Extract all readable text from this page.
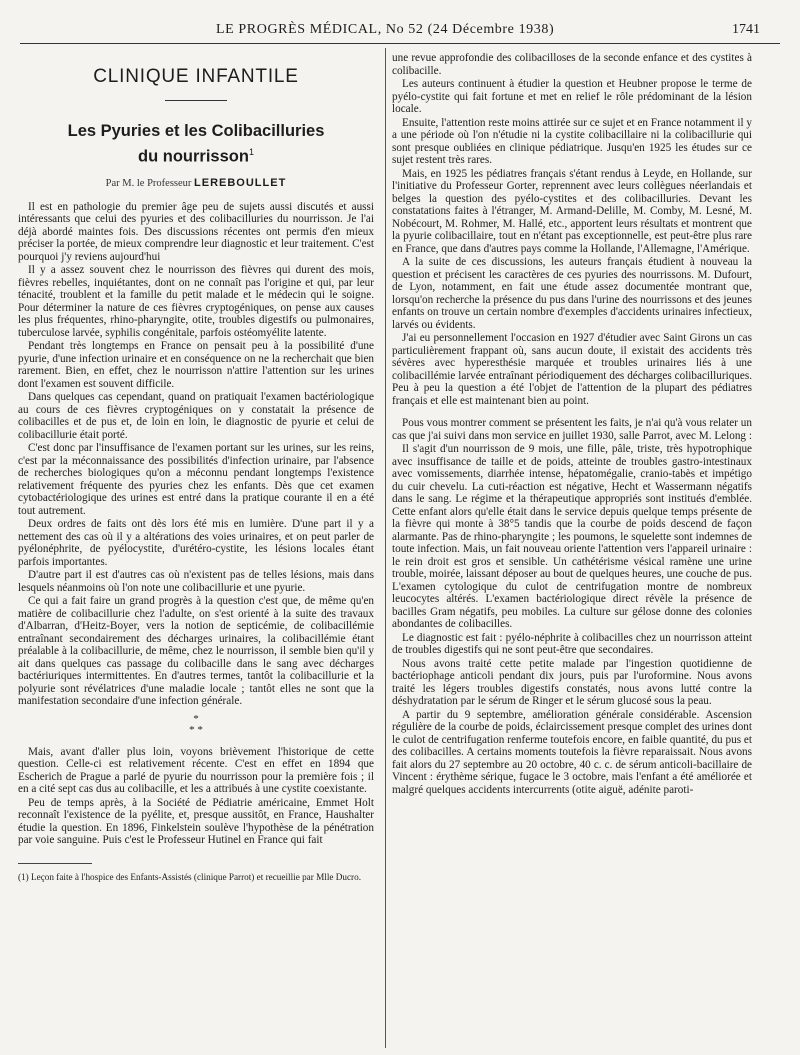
LE PROGRÈS MÉDICAL, No 52 (24 Décembre 1938)	1741
CLINIQUE INFANTILE
Les Pyuries et les Colibacilluries
du nourrisson$^1$
Par M. le Professeur LEREBOULLET

Il est en pathologie du premier âge peu de sujets aussi discutés et aussi intéressants que celui des pyuries et des colibacilluries du nourrisson. Je l'ai déjà abordé maintes fois. Des discussions récentes ont permis d'en mieux préciser la portée, de mieux comprendre leur diagnostic et leur traitement. C'est pourquoi j'y reviens aujourd'hui

Il y a assez souvent chez le nourrisson des fièvres qui durent des mois, fièvres rebelles, inquiétantes, dont on ne connaît pas l'origine et qui, par leur ténacité, troublent et la famille du petit malade et le médecin qui le soigne. Pour déterminer la nature de ces fièvres cryptogéniques, on pense aux causes les plus fréquentes, rhino-pharyngite, otite, troubles digestifs ou pulmonaires, tuberculose larvée, syphilis congénitale, parfois ostéomyélite latente.

Pendant très longtemps en France on pensait peu à la possibilité d'une pyurie, d'une infection urinaire et en conséquence on ne la recherchait que bien rarement. Bien, en effet, chez le nourrisson n'attire l'attention sur les urines dont l'examen est souvent difficile.

Dans quelques cas cependant, quand on pratiquait l'examen bactériologique au cours de ces fièvres cryptogéniques on y constatait la présence de colibacilles et de pus et, de loin en loin, le diagnostic de pyurie et celui de colibacillurie était porté.

C'est donc par l'insuffisance de l'examen portant sur les urines, sur les reins, c'est par la méconnaissance des possibilités d'infection urinaire, par l'absence de recherches biologiques qu'on a méconnu pendant longtemps l'existence relativement fréquente des pyuries chez les enfants. Dès que cet examen cytobactériologique des urines est entré dans la pratique courante il en a été tout autrement.

Deux ordres de faits ont dès lors été mis en lumière. D'une part il y a nettement des cas où il y a altérations des voies urinaires, et on peut parler de pyélonéphrite, de pyélocystite, d'urétéro-cystite, les lésions locales étant parfois importantes.

D'autre part il est d'autres cas où n'existent pas de telles lésions, mais dans lesquels néanmoins où l'on note une colibacillurie et une pyurie.

Ce qui a fait faire un grand progrès à la question c'est que, de même qu'en matière de colibacillurie chez l'adulte, on s'est orienté à la suite des travaux d'Albarran, d'Heitz-Boyer, vers la notion de septicémie, de colibacillémie entraînant secondairement des décharges urinaires, la colibacillémie étant préalable à la colibacillurie, de même, chez le nourrisson, il semble bien qu'il y ait dans quelques cas passage du colibacille dans le sang avec décharges bactériuriques intermittentes. En d'autres termes, tantôt la colibacillurie et la polyurie sont révélatrices d'une maladie locale ; tantôt elles ne sont que la manifestation secondaire d'une infection générale.

*
* *

Mais, avant d'aller plus loin, voyons brièvement l'historique de cette question. Celle-ci est relativement récente. C'est en effet en 1894 que Escherich de Prague a parlé de pyurie du nourrisson pour la première fois ; il en a cité sept cas dus au colibacille, et les a attribués à une cystite coexistante.

Peu de temps après, à la Société de Pédiatrie américaine, Emmet Holt reconnaît l'existence de la pyélite, et, presque aussitôt, en France, Haushalter étudie la question. En 1896, Finkelstein soulève l'hypothèse de la pénétration par voie sanguine. Puis c'est le Professeur Hutinel en France qui fait

(1) Leçon faite à l'hospice des Enfants-Assistés (clinique Parrot) et recueillie par Mlle Ducro.

une revue approfondie des colibacilloses de la seconde enfance et des cystites à colibacille.

Les auteurs continuent à étudier la question et Heubner propose le terme de pyélo-cystite qui fait fortune et met en relief le rôle prédominant de la lésion locale.

Ensuite, l'attention reste moins attirée sur ce sujet et en France notamment il y a une période où l'on n'étudie ni la cystite colibacillaire ni la colibacillurie qui sont presque oubliées en clinique pédiatrique. Jusqu'en 1925 les études sur ce sujet restent très rares.

Mais, en 1925 les pédiatres français s'étant rendus à Leyde, en Hollande, sur l'initiative du Professeur Gorter, reprennent avec leurs collègues néerlandais et belges la question des pyélo-cystites et des colibacilluries. Devant les constatations faites à l'étranger, M. Armand-Delille, M. Comby, M. Lesné, M. Nobécourt, M. Rohmer, M. Hallé, etc., apportent leurs résultats et montrent que la pyurie colibacillaire, tout en n'étant pas exceptionnelle, est peut-être plus rare en France, que dans d'autres pays comme la Hollande, l'Allemagne, l'Amérique.

A la suite de ces discussions, les auteurs français étudient à nouveau la question et précisent les caractères de ces pyuries des nourrissons. M. Dufourt, de Lyon, notamment, en fait une étude assez documentée montrant que, lorsqu'on recherche la présence du pus dans l'urine des nourrissons et des jeunes enfants on trouve un certain nombre d'exemples d'accidents urinaires infectieux, larvés ou évidents.

J'ai eu personnellement l'occasion en 1927 d'étudier avec Saint Girons un cas particulièrement frappant où, sans aucun doute, il existait des accidents très sévères avec hyperesthésie marquée et troubles urinaires liés à une colibacillémie larvée entraînant périodiquement des décharges colibacilluriques. Peu à peu la question a été l'objet de l'attention de la plupart des pédiatres français et elle est maintenant bien au point.

Pous vous montrer comment se présentent les faits, je n'ai qu'à vous relater un cas que j'ai suivi dans mon service en juillet 1930, salle Parrot, avec M. Lelong :

Il s'agit d'un nourrisson de 9 mois, une fille, pâle, triste, très hypotrophique avec insuffisance de taille et de poids, atteinte de troubles gastro-intestinaux avec vomissements, diarrhée intense, hépatomégalie, cranio-tabès et impétigo du cuir chevelu. La cuti-réaction est négative, Hecht et Wassermann négatifs dans le sang. Le régime et la thérapeutique appropriés sont institués d'emblée. Cette enfant alors qu'elle était dans le service depuis quelque temps présente de la fièvre qui monte à 38°5 tandis que la courbe de poids descend de façon alarmante. Pas de rhino-pharyngite ; les poumons, le squelette sont indemnes de toute infection. Mais, un fait nouveau oriente l'attention vers l'appareil urinaire : le rein droit est gros et sensible. Un cathétérisme vésical ramène une urine trouble, moirée, laissant déposer au bout de quelques heures, une couche de pus. L'examen cytologique du culot de centrifugation montre de nombreux leucocytes altérés. L'examen bactériologique direct révèle la présence de bacilles Gram négatifs, peu mobiles. La culture sur gélose donne des colonies abondantes de colibacilles.

Le diagnostic est fait : pyélo-néphrite à colibacilles chez un nourrisson atteint de troubles digestifs qui ne sont peut-être que secondaires.

Nous avons traité cette petite malade par l'ingestion quotidienne de bactériophage anticoli pendant dix jours, puis par l'uroformine. Nous avons traité les légers troubles digestifs constatés, nous avons lutté contre la déshydratation par le sérum de Ringer et le sérum glucosé sous la peau.

A partir du 9 septembre, amélioration générale considérable. Ascension régulière de la courbe de poids, éclaircissement presque complet des urines dont le culot de centrifugation renferme toutefois encore, en faible quantité, du pus et des colibacilles. A certains moments toutefois la fièvre reparaissait. Nous avons fait alors du 27 septembre au 20 octobre, 40 c. c. de sérum anticoli-bacillaire de Vincent : érythème sérique, fugace le 3 octobre, mais l'enfant a été améliorée et malgré quelques accidents intercurrents (otite aiguë, adénite paroti-
